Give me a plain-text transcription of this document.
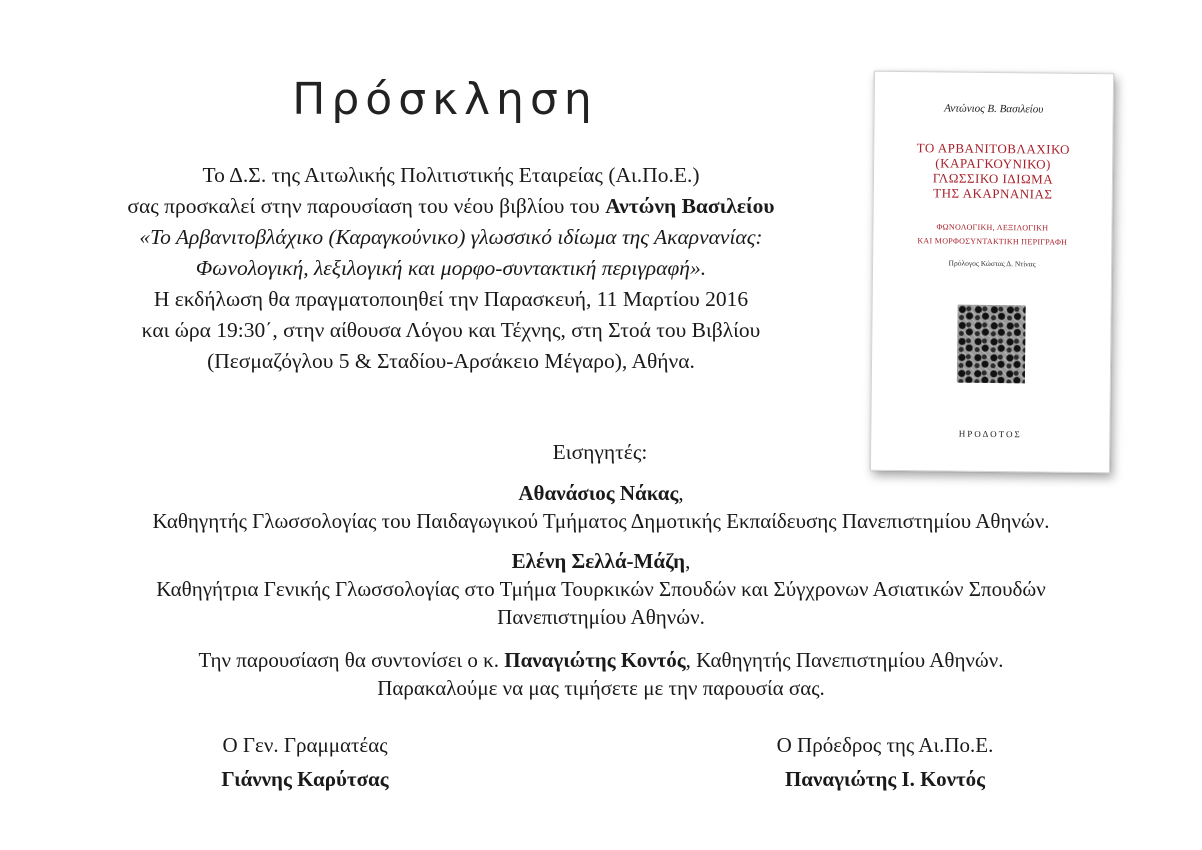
Πρόσκληση

Το Δ.Σ. της Αιτωλικής Πολιτιστικής Εταιρείας (Αι.Πο.Ε.)

σας προσκαλεί στην παρουσίαση του νέου βιβλίου του Αντώνη Βασιλείου

«Το Αρβανιτοβλάχικο (Καραγκούνικο) γλωσσικό ιδίωμα της Ακαρνανίας:

Φωνολογική, λεξιλογική και μορφο-συντακτική περιγραφή».

Η εκδήλωση θα πραγματοποιηθεί την Παρασκευή, 11 Μαρτίου 2016

και ώρα 19:30΄, στην αίθουσα Λόγου και Τέχνης, στη Στοά του Βιβλίου

(Πεσμαζόγλου 5 & Σταδίου-Αρσάκειο Μέγαρο), Αθήνα.

Αντώνιος Β. Βασιλείου
ΤΟ ΑΡΒΑΝΙΤΟΒΛΑΧΙΚΟ
(ΚΑΡΑΓΚΟΥΝΙΚΟ)
ΓΛΩΣΣΙΚΟ ΙΔΙΩΜΑ
ΤΗΣ ΑΚΑΡΝΑΝΙΑΣ
ΦΩΝΟΛΟΓΙΚΗ, ΛΕΞΙΛΟΓΙΚΗ
ΚΑΙ ΜΟΡΦΟΣΥΝΤΑΚΤΙΚΗ ΠΕΡΙΓΡΑΦΗ
Πρόλογος Κώστας Δ. Ντίνας
ΗΡΟΔΟΤΟΣ
Εισηγητές:
Αθανάσιος Νάκας,
Καθηγητής Γλωσσολογίας του Παιδαγωγικού Τμήματος Δημοτικής Εκπαίδευσης Πανεπιστημίου Αθηνών.
Ελένη Σελλά-Μάζη,
Καθηγήτρια Γενικής Γλωσσολογίας στο Τμήμα Τουρκικών Σπουδών και Σύγχρονων Ασιατικών Σπουδών
Πανεπιστημίου Αθηνών.

Την παρουσίαση θα συντονίσει ο κ. Παναγιώτης Κοντός, Καθηγητής Πανεπιστημίου Αθηνών.

Παρακαλούμε να μας τιμήσετε με την παρουσία σας.

Ο Γεν. Γραμματέας
Γιάννης Καρύτσας
Ο Πρόεδρος της Αι.Πο.Ε.
Παναγιώτης Ι. Κοντός
